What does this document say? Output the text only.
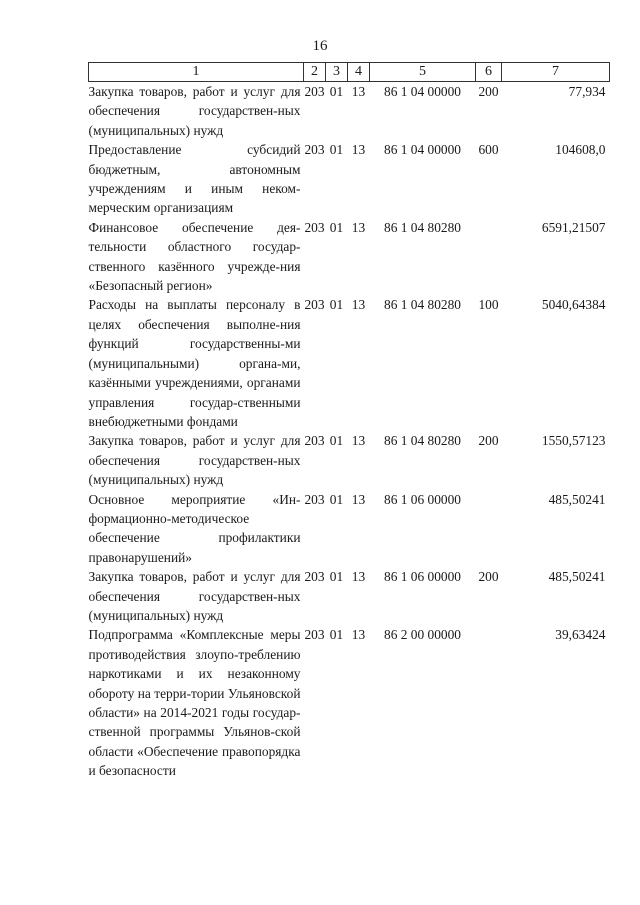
16
1	2	3	4	5	6	7
Закупка товаров, работ и услуг для обеспечения государствен-ных (муниципальных) нужд	203	01	13	86 1 04 00000	200	77,934
Предоставление субсидий бюджетным, автономным учреждениям и иным неком-мерческим организациям	203	01	13	86 1 04 00000	600	104608,0
Финансовое обеспечение дея-тельности областного государ-ственного казённого учрежде-ния «Безопасный регион»	203	01	13	86 1 04 80280		6591,21507
Расходы на выплаты персоналу в целях обеспечения выполне-ния функций государственны-ми (муниципальными) органа-ми, казёнными учреждениями, органами управления государ-ственными внебюджетными фондами	203	01	13	86 1 04 80280	100	5040,64384
Закупка товаров, работ и услуг для обеспечения государствен-ных (муниципальных) нужд	203	01	13	86 1 04 80280	200	1550,57123
Основное мероприятие «Ин-формационно-методическое обеспечение профилактики правонарушений»	203	01	13	86 1 06 00000		485,50241
Закупка товаров, работ и услуг для обеспечения государствен-ных (муниципальных) нужд	203	01	13	86 1 06 00000	200	485,50241
Подпрограмма «Комплексные меры противодействия злоупо-треблению наркотиками и их незаконному обороту на терри-тории Ульяновской области» на 2014-2021 годы государ-ственной программы Ульянов-ской области «Обеспечение правопорядка и безопасности	203	01	13	86 2 00 00000		39,63424
